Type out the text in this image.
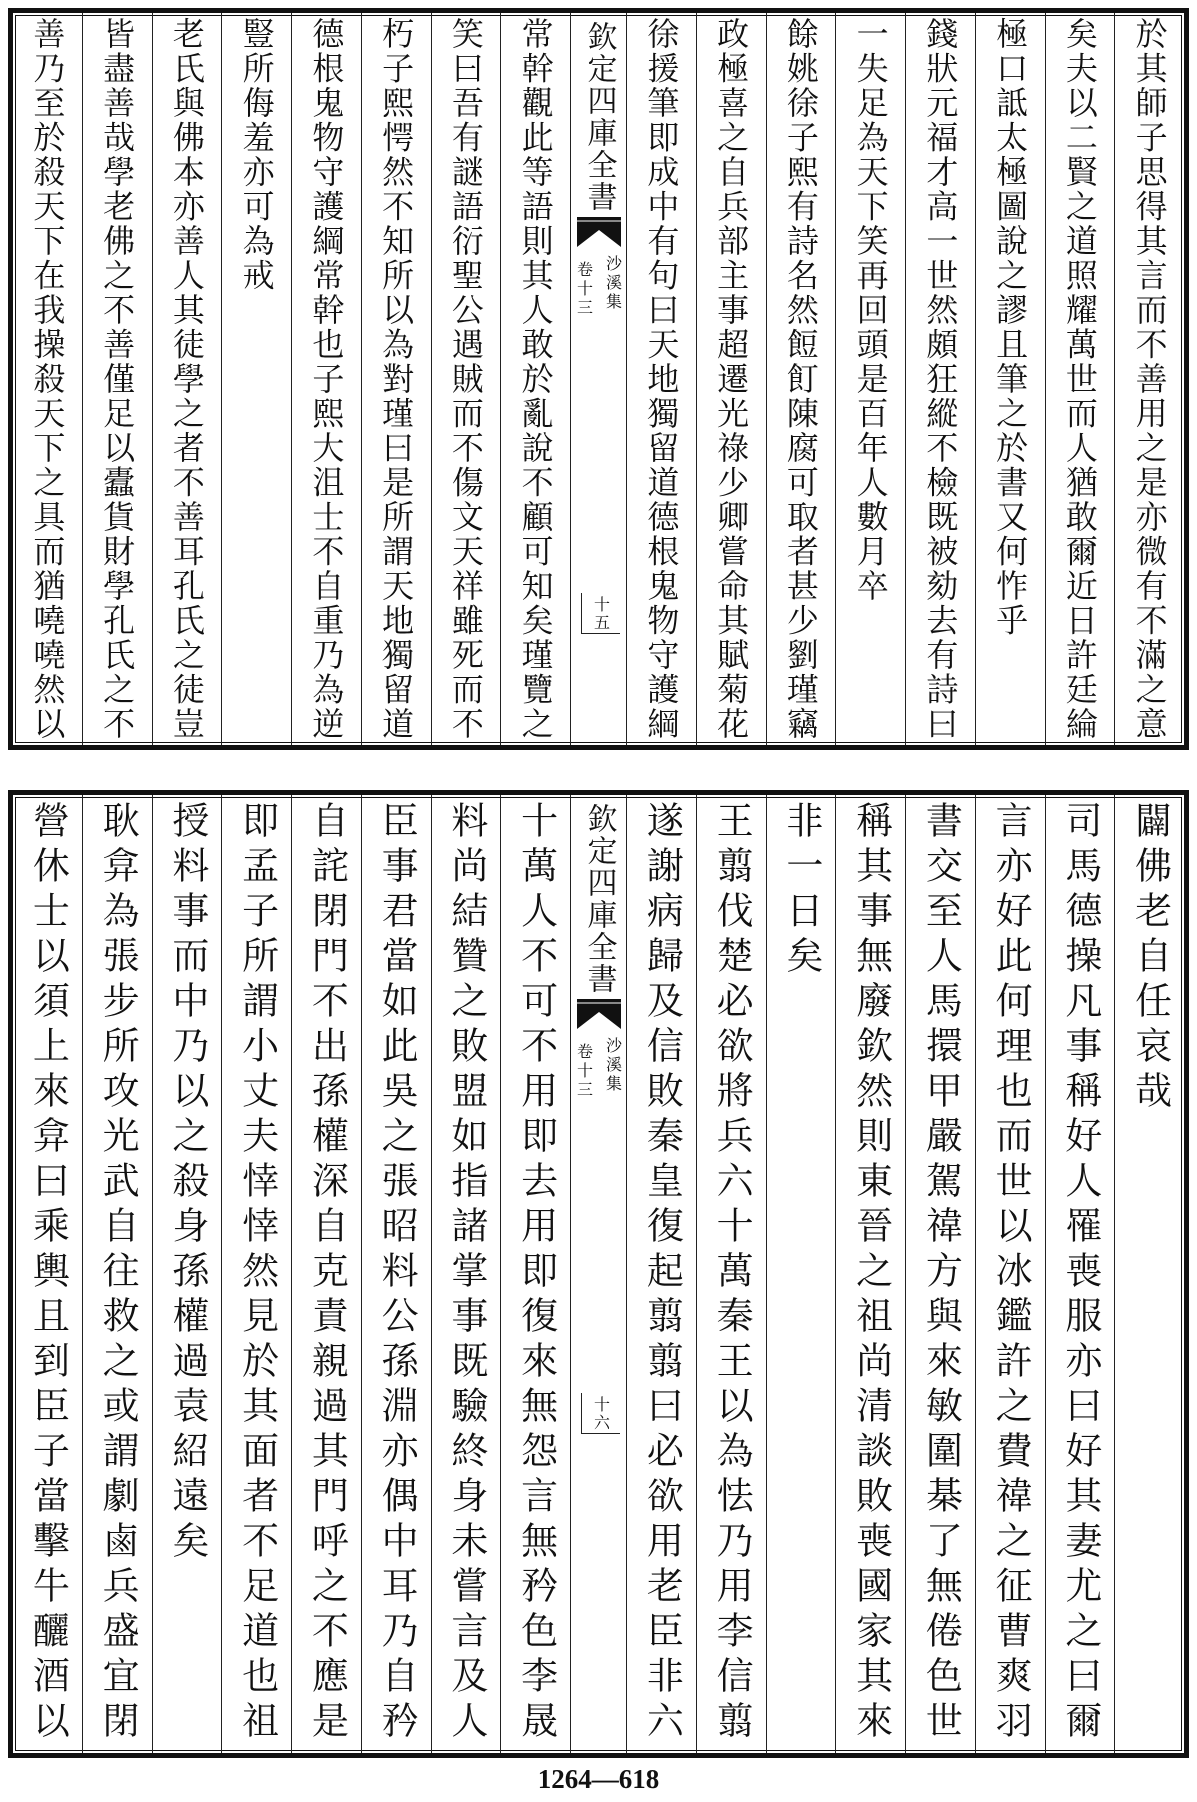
於其師子思得其言而不善用之是亦微有不滿之意
矣夫以二賢之道照耀萬世而人猶敢爾近日許廷綸
極口詆太極圖說之謬且筆之於書又何怍乎
錢狀元福才高一世然頗狂縱不檢既被劾去有詩曰
一失足為天下笑再回頭是百年人數月卒
餘姚徐子熙有詩名然餖飣陳腐可取者甚少劉瑾竊
政極喜之自兵部主事超遷光祿少卿嘗命其賦菊花
徐援筆即成中有句曰天地獨留道德根鬼物守護綱
欽定四庫全書
沙溪集
卷十三
十五
常幹觀此等語則其人敢於亂說不顧可知矣瑾覽之
笑曰吾有謎語衍聖公遇賊而不傷文天祥雖死而不
朽子熙愕然不知所以為對瑾曰是所謂天地獨留道
德根鬼物守護綱常幹也子熙大沮士不自重乃為逆
豎所侮羞亦可為戒
老氏與佛本亦善人其徒學之者不善耳孔氏之徒豈
皆盡善哉學老佛之不善僅足以蠹貨財學孔氏之不
善乃至於殺天下在我操殺天下之具而猶嘵嘵然以
闢佛老自任哀哉
司馬德操凡事稱好人罹喪服亦曰好其妻尤之曰爾
言亦好此何理也而世以冰鑑許之費禕之征曹爽羽
書交至人馬擐甲嚴駕禕方與來敏圍棊了無倦色世
稱其事無廢欽然則東晉之祖尚清談敗喪國家其來
非一日矣
王翦伐楚必欲將兵六十萬秦王以為怯乃用李信翦
遂謝病歸及信敗秦皇復起翦翦曰必欲用老臣非六
欽定四庫全書
沙溪集
卷十三
十六
十萬人不可不用即去用即復來無怨言無矜色李晟
料尚結贊之敗盟如指諸掌事既驗終身未嘗言及人
臣事君當如此吳之張昭料公孫淵亦偶中耳乃自矜
自詫閉門不出孫權深自克責親過其門呼之不應是
即孟子所謂小丈夫悻悻然見於其面者不足道也祖
授料事而中乃以之殺身孫權過袁紹遠矣
耿弇為張步所攻光武自往救之或謂劇鹵兵盛宜閉
營休士以須上來弇曰乘輿且到臣子當擊牛釃酒以
1264—618
